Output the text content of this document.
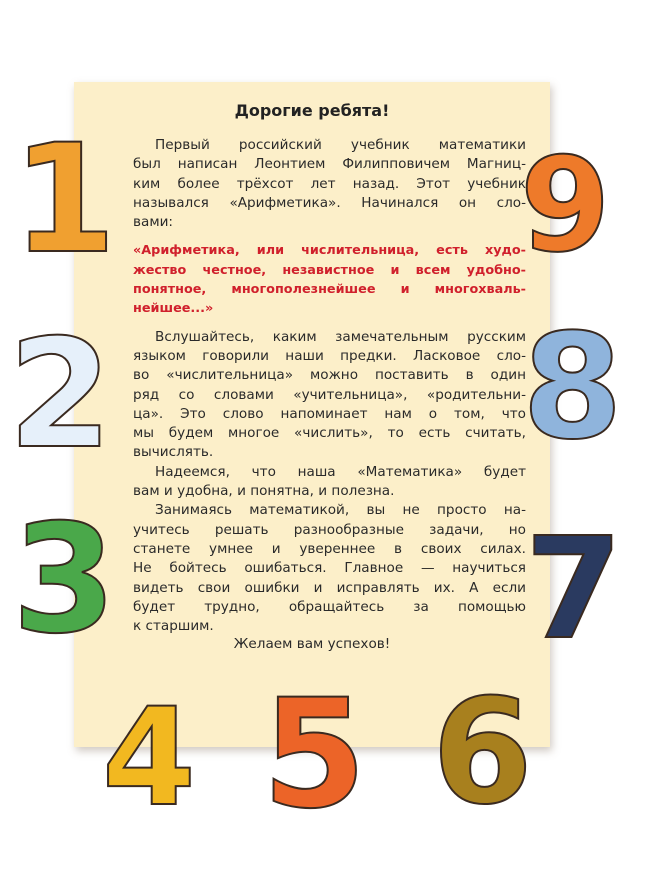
Дорогие ребята!
Первый российский учебник математики
был написан Леонтием Филипповичем Магниц-
ким более трёхсот лет назад. Этот учебник
назывался «Арифметика». Начинался он сло-
вами:
«Арифметика, или числительница, есть худо-
жество честное, независтное и всем удобно-
понятное, многополезнейшее и многохваль-
нейшее...»
Вслушайтесь, каким замечательным русским
языком говорили наши предки. Ласковое сло-
во «числительница» можно поставить в один
ряд со словами «учительница», «родительни-
ца». Это слово напоминает нам о том, что
мы будем многое «числить», то есть считать,
вычислять.
Надеемся, что наша «Математика» будет
вам и удобна, и понятна, и полезна.
Занимаясь математикой, вы не просто на-
учитесь решать разнообразные задачи, но
станете умнее и увереннее в своих силах.
Не бойтесь ошибаться. Главное — научиться
видеть свои ошибки и исправлять их. А если
будет трудно, обращайтесь за помощью
к старшим.
Желаем вам успехов!
1	9
2	8
3	7
4 5 6
